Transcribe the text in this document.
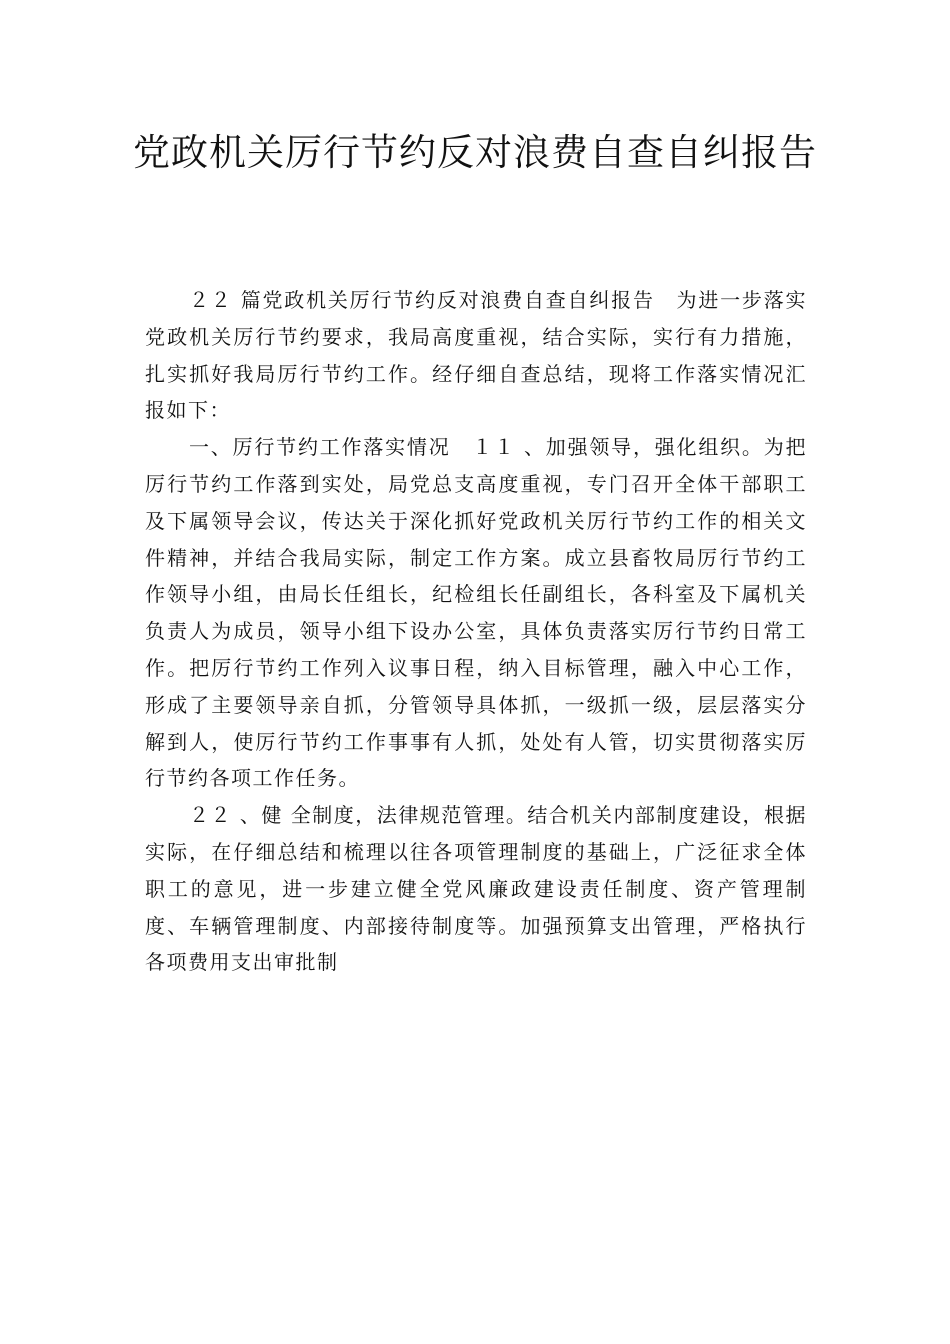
党政机关厉行节约反对浪费自查自纠报告

２２ 篇党政机关厉行节约反对浪费自查自纠报告　为进一步落实党政机关厉行节约要求，我局高度重视，结合实际，实行有力措施，扎实抓好我局厉行节约工作。经仔细自查总结，现将工作落实情况汇报如下：

一、厉行节约工作落实情况　１１ 、加强领导，强化组织。为把厉行节约工作落到实处，局党总支高度重视，专门召开全体干部职工及下属领导会议，传达关于深化抓好党政机关厉行节约工作的相关文件精神，并结合我局实际，制定工作方案。成立县畜牧局厉行节约工作领导小组，由局长任组长，纪检组长任副组长，各科室及下属机关负责人为成员，领导小组下设办公室，具体负责落实厉行节约日常工作。把厉行节约工作列入议事日程，纳入目标管理，融入中心工作，形成了主要领导亲自抓，分管领导具体抓，一级抓一级，层层落实分解到人，使厉行节约工作事事有人抓，处处有人管，切实贯彻落实厉行节约各项工作任务。

２２ 、健 全制度，法律规范管理。结合机关内部制度建设，根据实际，在仔细总结和梳理以往各项管理制度的基础上，广泛征求全体职工的意见，进一步建立健全党风廉政建设责任制度、资产管理制度、车辆管理制度、内部接待制度等。加强预算支出管理，严格执行各项费用支出审批制
